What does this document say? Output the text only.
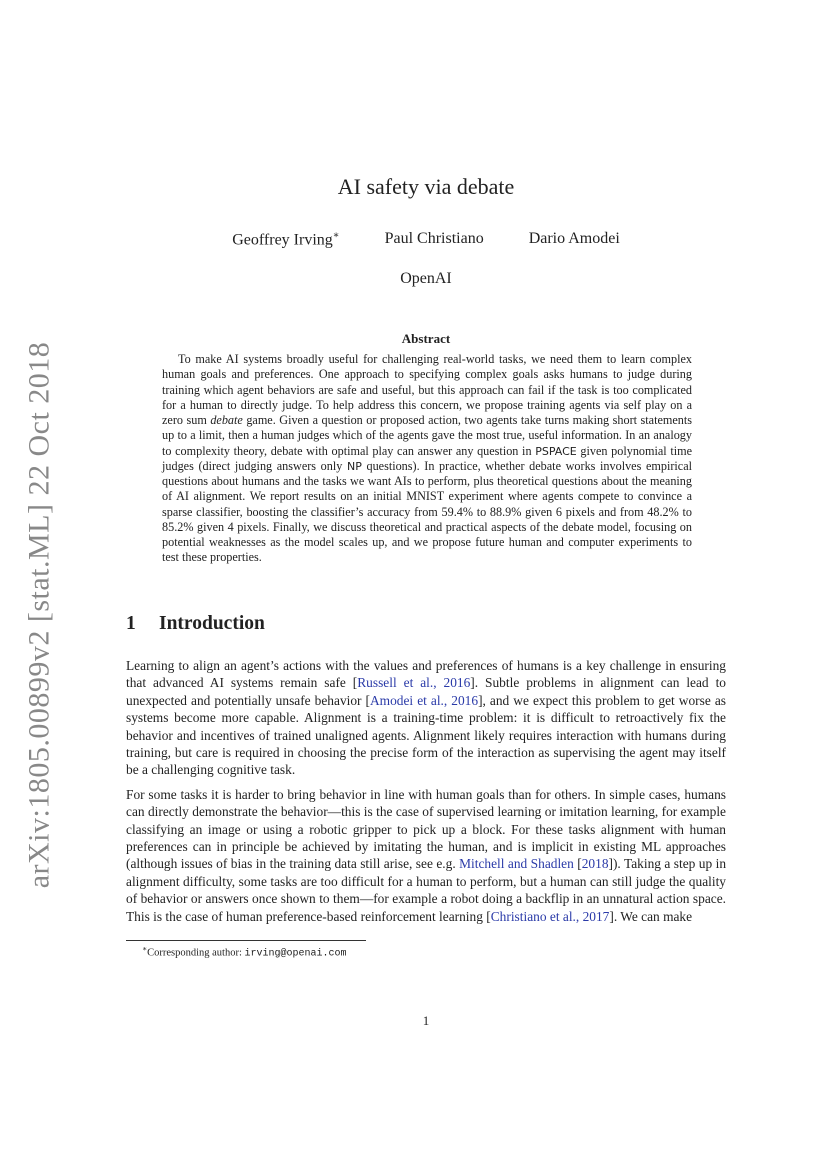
arXiv:1805.00899v2 [stat.ML] 22 Oct 2018
AI safety via debate
Geoffrey Irving∗	Paul Christiano	Dario Amodei
OpenAI
Abstract

To make AI systems broadly useful for challenging real-world tasks, we need them to learn complex human goals and preferences. One approach to specifying complex goals asks humans to judge during training which agent behaviors are safe and useful, but this approach can fail if the task is too complicated for a human to directly judge. To help address this concern, we propose training agents via self play on a zero sum debate game. Given a question or proposed action, two agents take turns making short statements up to a limit, then a human judges which of the agents gave the most true, useful information. In an analogy to complexity theory, debate with optimal play can answer any question in PSPACE given polynomial time judges (direct judging answers only NP questions). In practice, whether debate works involves empirical questions about humans and the tasks we want AIs to perform, plus theoretical questions about the meaning of AI alignment. We report results on an initial MNIST experiment where agents compete to convince a sparse classifier, boosting the classifier’s accuracy from 59.4% to 88.9% given 6 pixels and from 48.2% to 85.2% given 4 pixels. Finally, we discuss theoretical and practical aspects of the debate model, focusing on potential weaknesses as the model scales up, and we propose future human and computer experiments to test these properties.

1 Introduction

Learning to align an agent’s actions with the values and preferences of humans is a key challenge in ensuring that advanced AI systems remain safe [Russell et al., 2016]. Subtle problems in alignment can lead to unexpected and potentially unsafe behavior [Amodei et al., 2016], and we expect this problem to get worse as systems become more capable. Alignment is a training-time problem: it is difficult to retroactively fix the behavior and incentives of trained unaligned agents. Alignment likely requires interaction with humans during training, but care is required in choosing the precise form of the interaction as supervising the agent may itself be a challenging cognitive task.

For some tasks it is harder to bring behavior in line with human goals than for others. In simple cases, humans can directly demonstrate the behavior—this is the case of supervised learning or imitation learning, for example classifying an image or using a robotic gripper to pick up a block. For these tasks alignment with human preferences can in principle be achieved by imitating the human, and is implicit in existing ML approaches (although issues of bias in the training data still arise, see e.g. Mitchell and Shadlen [2018]). Taking a step up in alignment difficulty, some tasks are too difficult for a human to perform, but a human can still judge the quality of behavior or answers once shown to them—for example a robot doing a backflip in an unnatural action space. This is the case of human preference-based reinforcement learning [Christiano et al., 2017]. We can make

∗Corresponding author: irving@openai.com
1
